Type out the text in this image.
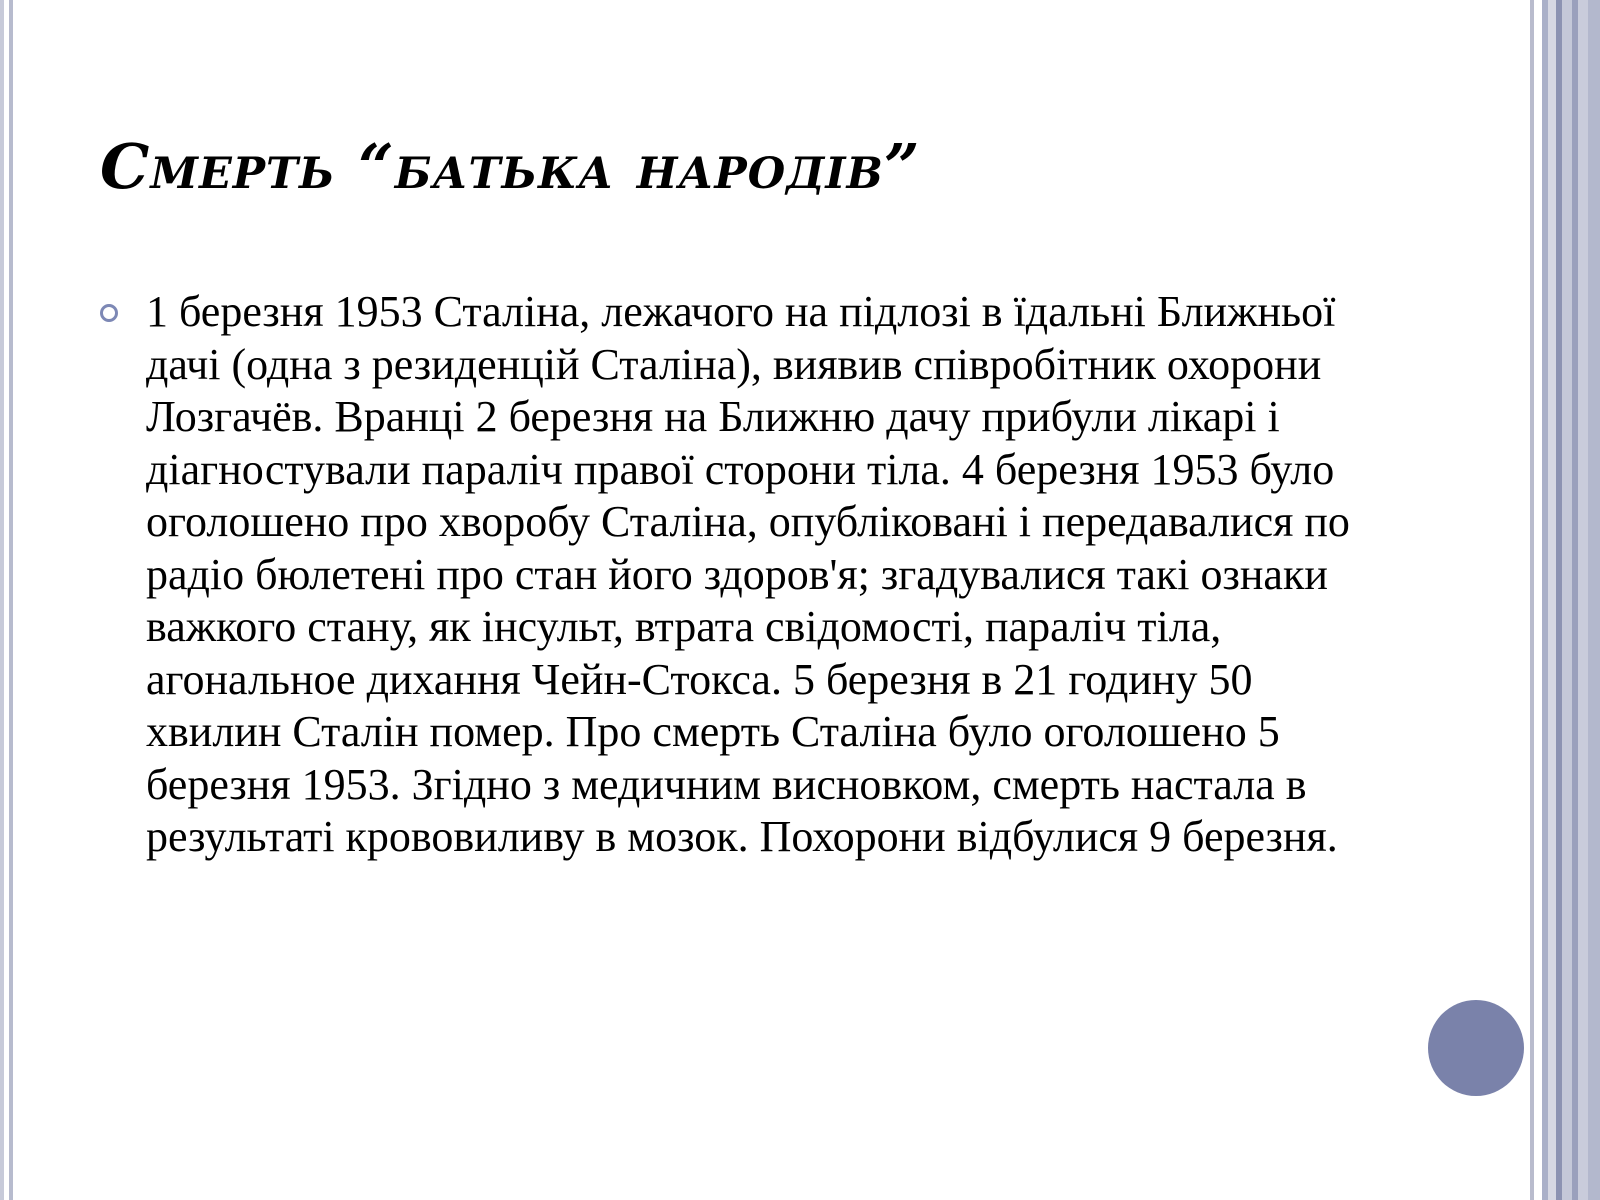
Смерть “батька народів”
1 березня 1953 Сталіна, лежачого на підлозі в їдальні Ближньої дачі (одна з резиденцій Сталіна), виявив співробітник охорони Лозгачёв. Вранці 2 березня на Ближню дачу прибули лікарі і діагностували параліч правої сторони тіла. 4 березня 1953 було оголошено про хворобу Сталіна, опубліковані і передавалися по радіо бюлетені про стан його здоров'я; згадувалися такі ознаки важкого стану, як інсульт, втрата свідомості, параліч тіла, агональное дихання Чейн-Стокса. 5 березня в 21 годину 50 хвилин Сталін помер. Про смерть Сталіна було оголошено 5 березня 1953. Згідно з медичним висновком, смерть настала в результаті крововиливу в мозок. Похорони відбулися 9 березня.
